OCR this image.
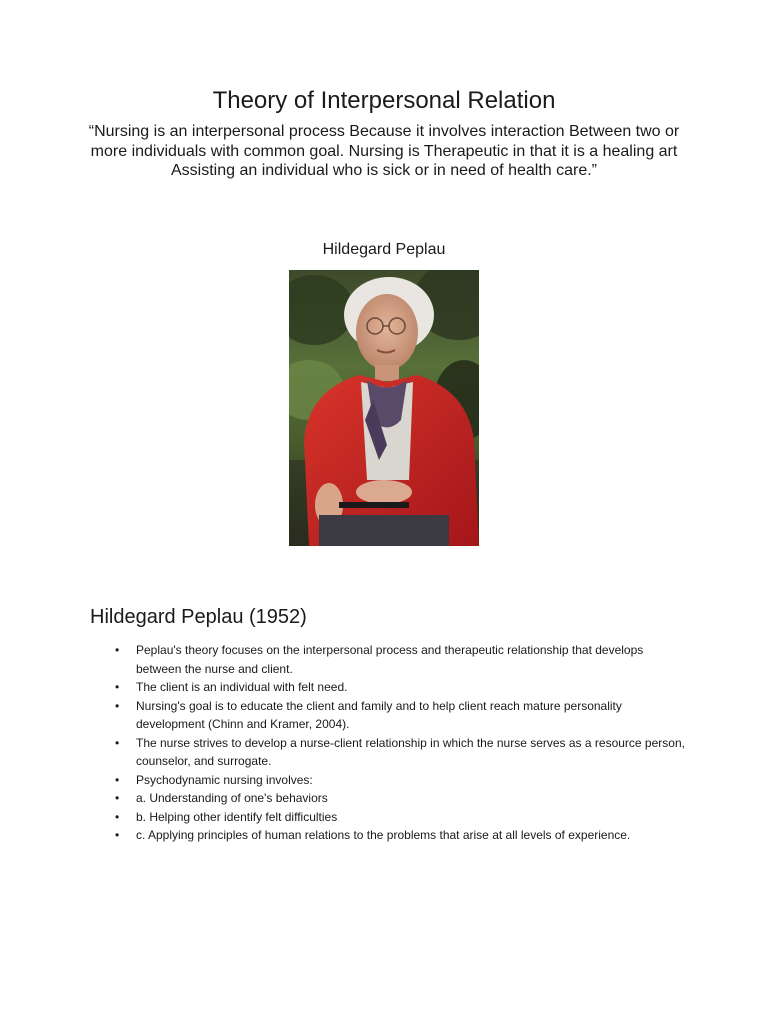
Theory of Interpersonal Relation

“Nursing is an interpersonal process Because it involves interaction Between two or more individuals with common goal. Nursing is Therapeutic in that it is a healing art Assisting an individual who is sick or in need of health care.”

Hildegard Peplau

Hildegard Peplau (1952)
• Peplau's theory focuses on the interpersonal process and therapeutic relationship that develops between the nurse and client.
• The client is an individual with felt need.
• Nursing's goal is to educate the client and family and to help client reach mature personality development (Chinn and Kramer, 2004).
• The nurse strives to develop a nurse-client relationship in which the nurse serves as a resource person, counselor, and surrogate.
• Psychodynamic nursing involves:
• a. Understanding of one's behaviors
• b. Helping other identify felt difficulties
• c. Applying principles of human relations to the problems that arise at all levels of experience.
